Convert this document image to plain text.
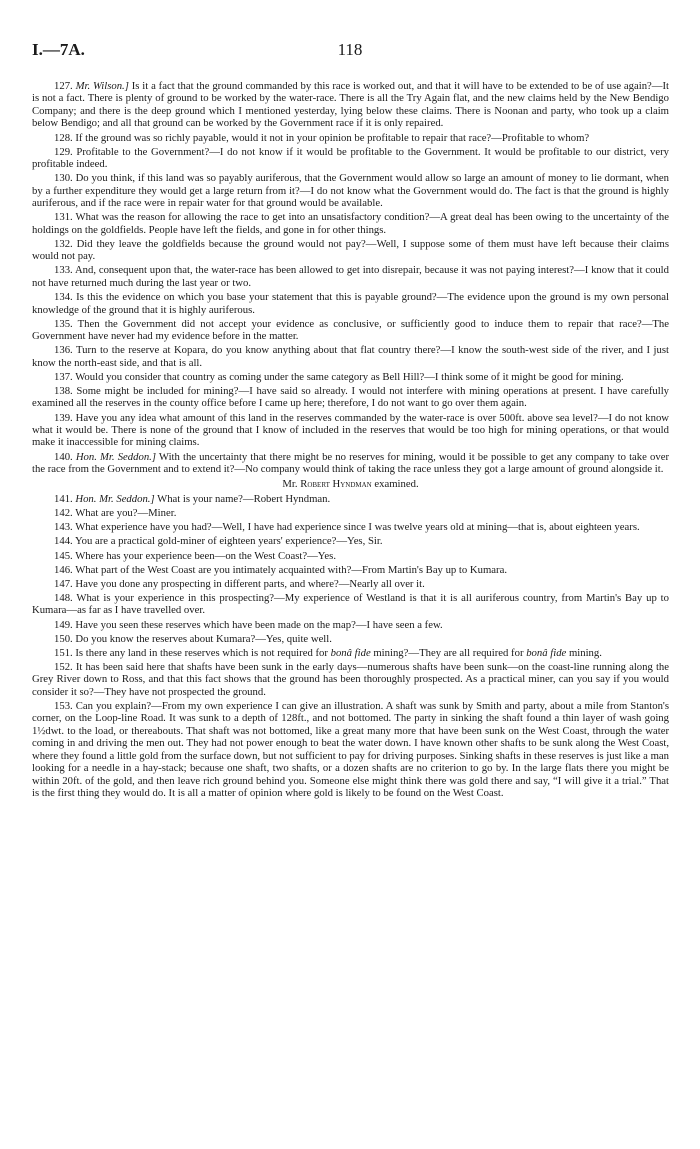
I.—7A.	118

127. Mr. Wilson.] Is it a fact that the ground commanded by this race is worked out, and that it will have to be extended to be of use again?—It is not a fact. There is plenty of ground to be worked by the water-race. There is all the Try Again flat, and the new claims held by the New Bendigo Company; and there is the deep ground which I mentioned yesterday, lying below these claims. There is Noonan and party, who took up a claim below Bendigo; and all that ground can be worked by the Government race if it is only repaired.

128. If the ground was so richly payable, would it not in your opinion be profitable to repair that race?—Profitable to whom?

129. Profitable to the Government?—I do not know if it would be profitable to the Government. It would be profitable to our district, very profitable indeed.

130. Do you think, if this land was so payably auriferous, that the Government would allow so large an amount of money to lie dormant, when by a further expenditure they would get a large return from it?—I do not know what the Government would do. The fact is that the ground is highly auriferous, and if the race were in repair water for that ground would be available.

131. What was the reason for allowing the race to get into an unsatisfactory condition?—A great deal has been owing to the uncertainty of the holdings on the goldfields. People have left the fields, and gone in for other things.

132. Did they leave the goldfields because the ground would not pay?—Well, I suppose some of them must have left because their claims would not pay.

133. And, consequent upon that, the water-race has been allowed to get into disrepair, because it was not paying interest?—I know that it could not have returned much during the last year or two.

134. Is this the evidence on which you base your statement that this is payable ground?—The evidence upon the ground is my own personal knowledge of the ground that it is highly auriferous.

135. Then the Government did not accept your evidence as conclusive, or sufficiently good to induce them to repair that race?—The Government have never had my evidence before in the matter.

136. Turn to the reserve at Kopara, do you know anything about that flat country there?—I know the south-west side of the river, and I just know the north-east side, and that is all.

137. Would you consider that country as coming under the same category as Bell Hill?—I think some of it might be good for mining.

138. Some might be included for mining?—I have said so already. I would not interfere with mining operations at present. I have carefully examined all the reserves in the county office before I came up here; therefore, I do not want to go over them again.

139. Have you any idea what amount of this land in the reserves commanded by the water-race is over 500ft. above sea level?—I do not know what it would be. There is none of the ground that I know of included in the reserves that would be too high for mining operations, or that would make it inaccessible for mining claims.

140. Hon. Mr. Seddon.] With the uncertainty that there might be no reserves for mining, would it be possible to get any company to take over the race from the Government and to extend it?—No company would think of taking the race unless they got a large amount of ground alongside it.

Mr. Robert Hyndman examined.

141. Hon. Mr. Seddon.] What is your name?—Robert Hyndman.

142. What are you?—Miner.

143. What experience have you had?—Well, I have had experience since I was twelve years old at mining—that is, about eighteen years.

144. You are a practical gold-miner of eighteen years' experience?—Yes, Sir.

145. Where has your experience been—on the West Coast?—Yes.

146. What part of the West Coast are you intimately acquainted with?—From Martin's Bay up to Kumara.

147. Have you done any prospecting in different parts, and where?—Nearly all over it.

148. What is your experience in this prospecting?—My experience of Westland is that it is all auriferous country, from Martin's Bay up to Kumara—as far as I have travelled over.

149. Have you seen these reserves which have been made on the map?—I have seen a few.

150. Do you know the reserves about Kumara?—Yes, quite well.

151. Is there any land in these reserves which is not required for bonâ fide mining?—They are all required for bonâ fide mining.

152. It has been said here that shafts have been sunk in the early days—numerous shafts have been sunk—on the coast-line running along the Grey River down to Ross, and that this fact shows that the ground has been thoroughly prospected. As a practical miner, can you say if you would consider it so?—They have not prospected the ground.

153. Can you explain?—From my own experience I can give an illustration. A shaft was sunk by Smith and party, about a mile from Stanton's corner, on the Loop-line Road. It was sunk to a depth of 128ft., and not bottomed. The party in sinking the shaft found a thin layer of wash going 1½dwt. to the load, or thereabouts. That shaft was not bottomed, like a great many more that have been sunk on the West Coast, through the water coming in and driving the men out. They had not power enough to beat the water down. I have known other shafts to be sunk along the West Coast, where they found a little gold from the surface down, but not sufficient to pay for driving purposes. Sinking shafts in these reserves is just like a man looking for a needle in a hay-stack; because one shaft, two shafts, or a dozen shafts are no criterion to go by. In the large flats there you might be within 20ft. of the gold, and then leave rich ground behind you. Someone else might think there was gold there and say, “I will give it a trial.” That is the first thing they would do. It is all a matter of opinion where gold is likely to be found on the West Coast.
